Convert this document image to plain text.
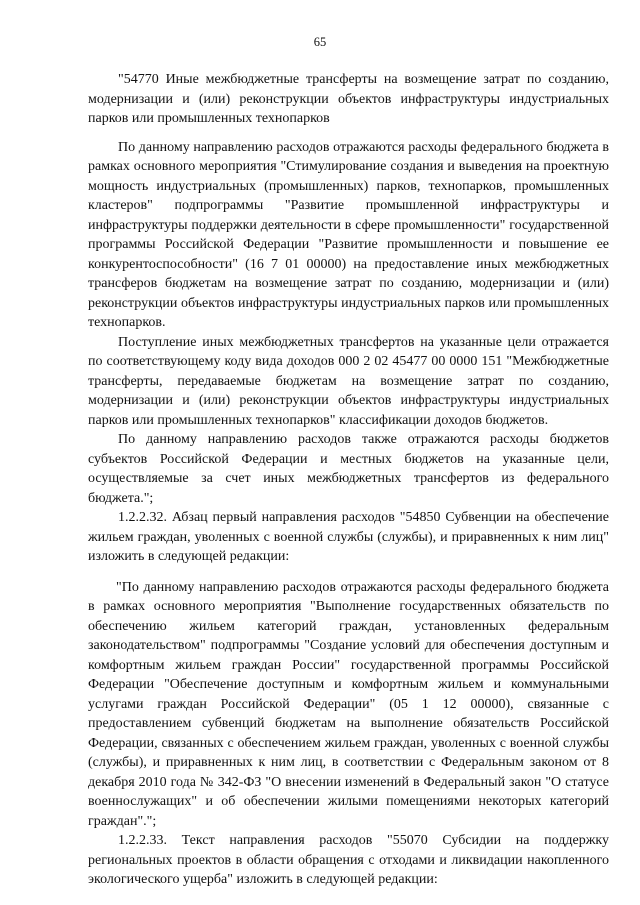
65

"54770 Иные межбюджетные трансферты на возмещение затрат по созданию, модернизации и (или) реконструкции объектов инфраструктуры индустриальных парков или промышленных технопарков

По данному направлению расходов отражаются расходы федерального бюджета в рамках основного мероприятия "Стимулирование создания и выведения на проектную мощность индустриальных (промышленных) парков, технопарков, промышленных кластеров" подпрограммы "Развитие промышленной инфраструктуры и инфраструктуры поддержки деятельности в сфере промышленности" государственной программы Российской Федерации "Развитие промышленности и повышение ее конкурентоспособности" (16 7 01 00000) на предоставление иных межбюджетных трансферов бюджетам на возмещение затрат по созданию, модернизации и (или) реконструкции объектов инфраструктуры индустриальных парков или промышленных технопарков.

Поступление иных межбюджетных трансфертов на указанные цели отражается по соответствующему коду вида доходов 000 2 02 45477 00 0000 151 "Межбюджетные трансферты, передаваемые бюджетам на возмещение затрат по созданию, модернизации и (или) реконструкции объектов инфраструктуры индустриальных парков или промышленных технопарков" классификации доходов бюджетов.

По данному направлению расходов также отражаются расходы бюджетов субъектов Российской Федерации и местных бюджетов на указанные цели, осуществляемые за счет иных межбюджетных трансфертов из федерального бюджета.";

1.2.2.32. Абзац первый направления расходов "54850 Субвенции на обеспечение жильем граждан, уволенных с военной службы (службы), и приравненных к ним лиц" изложить в следующей редакции:

"По данному направлению расходов отражаются расходы федерального бюджета в рамках основного мероприятия "Выполнение государственных обязательств по обеспечению жильем категорий граждан, установленных федеральным законодательством" подпрограммы "Создание условий для обеспечения доступным и комфортным жильем граждан России" государственной программы Российской Федерации "Обеспечение доступным и комфортным жильем и коммунальными услугами граждан Российской Федерации" (05 1 12 00000), связанные с предоставлением субвенций бюджетам на выполнение обязательств Российской Федерации, связанных с обеспечением жильем граждан, уволенных с военной службы (службы), и приравненных к ним лиц, в соответствии с Федеральным законом от 8 декабря 2010 года № 342-ФЗ "О внесении изменений в Федеральный закон "О статусе военнослужащих" и об обеспечении жилыми помещениями некоторых категорий граждан".";

1.2.2.33. Текст направления расходов "55070 Субсидии на поддержку региональных проектов в области обращения с отходами и ликвидации накопленного экологического ущерба" изложить в следующей редакции:
